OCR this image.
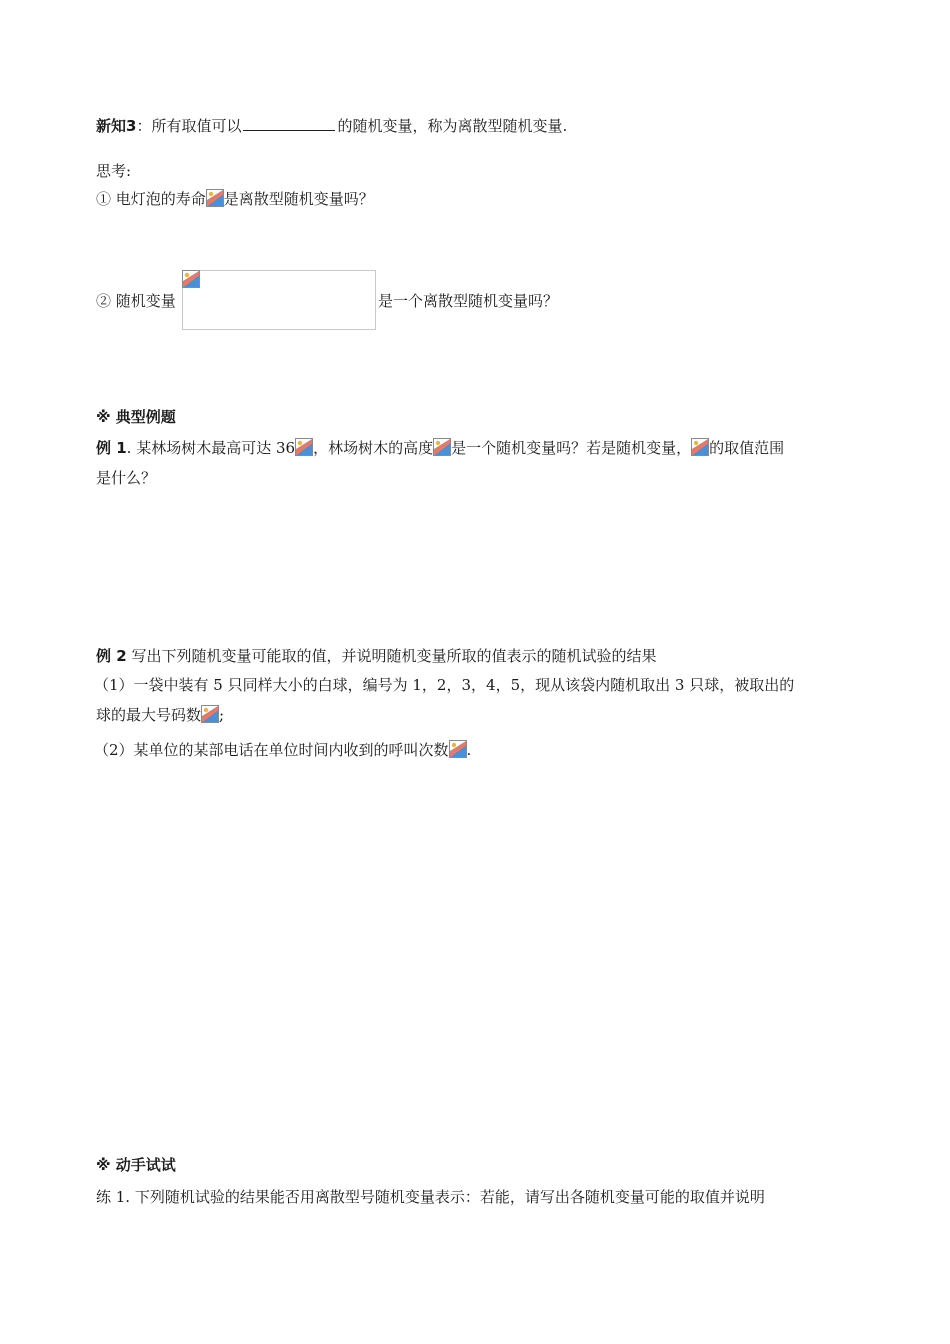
新知3：所有取值可以	的随机变量，称为离散型随机变量.
思考:
① 电灯泡的寿命 是离散型随机变量吗？
② 随机变量	是一个离散型随机变量吗？
※ 典型例题
例 1. 某林场树木最高可达 36 ，林场树木的高度 是一个随机变量吗？若是随机变量， 的取值范围
是什么？
例 2 写出下列随机变量可能取的值，并说明随机变量所取的值表示的随机试验的结果
（1）一袋中装有 5 只同样大小的白球，编号为 1，2，3，4，5，现从该袋内随机取出 3 只球，被取出的
球的最大号码数 ;
（2）某单位的某部电话在单位时间内收到的呼叫次数 .
※ 动手试试
练 1. 下列随机试验的结果能否用离散型号随机变量表示：若能，请写出各随机变量可能的取值并说明
